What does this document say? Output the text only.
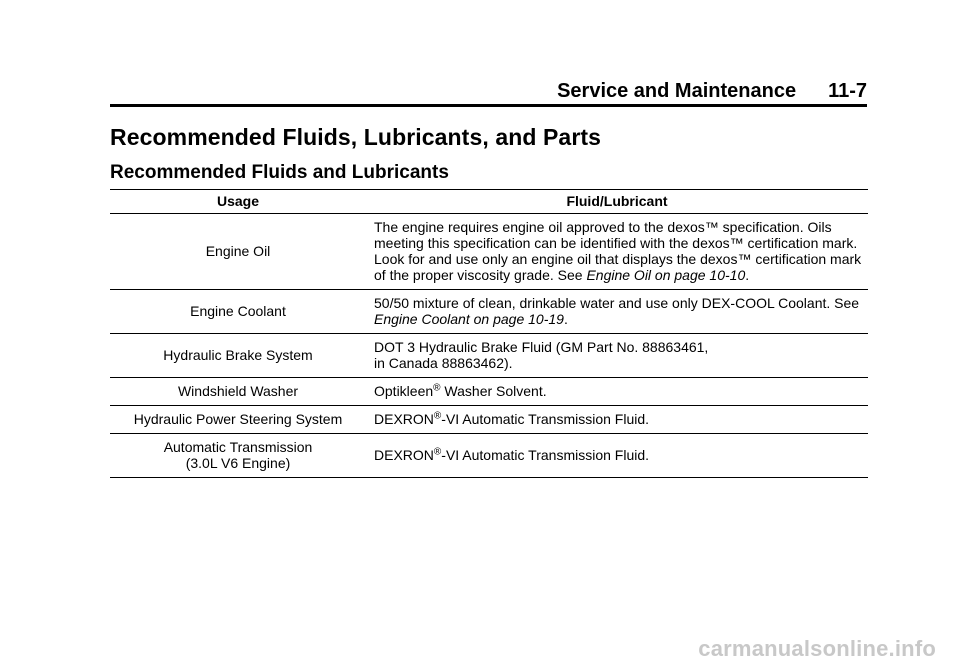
Service and Maintenance 11-7
Recommended Fluids, Lubricants, and Parts
Recommended Fluids and Lubricants
Usage	Fluid/Lubricant
Engine Oil	The engine requires engine oil approved to the dexos™ specification. Oils meeting this specification can be identified with the dexos™ certification mark. Look for and use only an engine oil that displays the dexos™ certification mark of the proper viscosity grade. See Engine Oil on page 10-10.
Engine Coolant	50/50 mixture of clean, drinkable water and use only DEX-COOL Coolant. See Engine Coolant on page 10-19.
Hydraulic Brake System	DOT 3 Hydraulic Brake Fluid (GM Part No. 88863461,
in Canada 88863462).
Windshield Washer	Optikleen® Washer Solvent.
Hydraulic Power Steering System	DEXRON®-VI Automatic Transmission Fluid.
Automatic Transmission
(3.0L V6 Engine)	DEXRON®-VI Automatic Transmission Fluid.
carmanualsonline.info
